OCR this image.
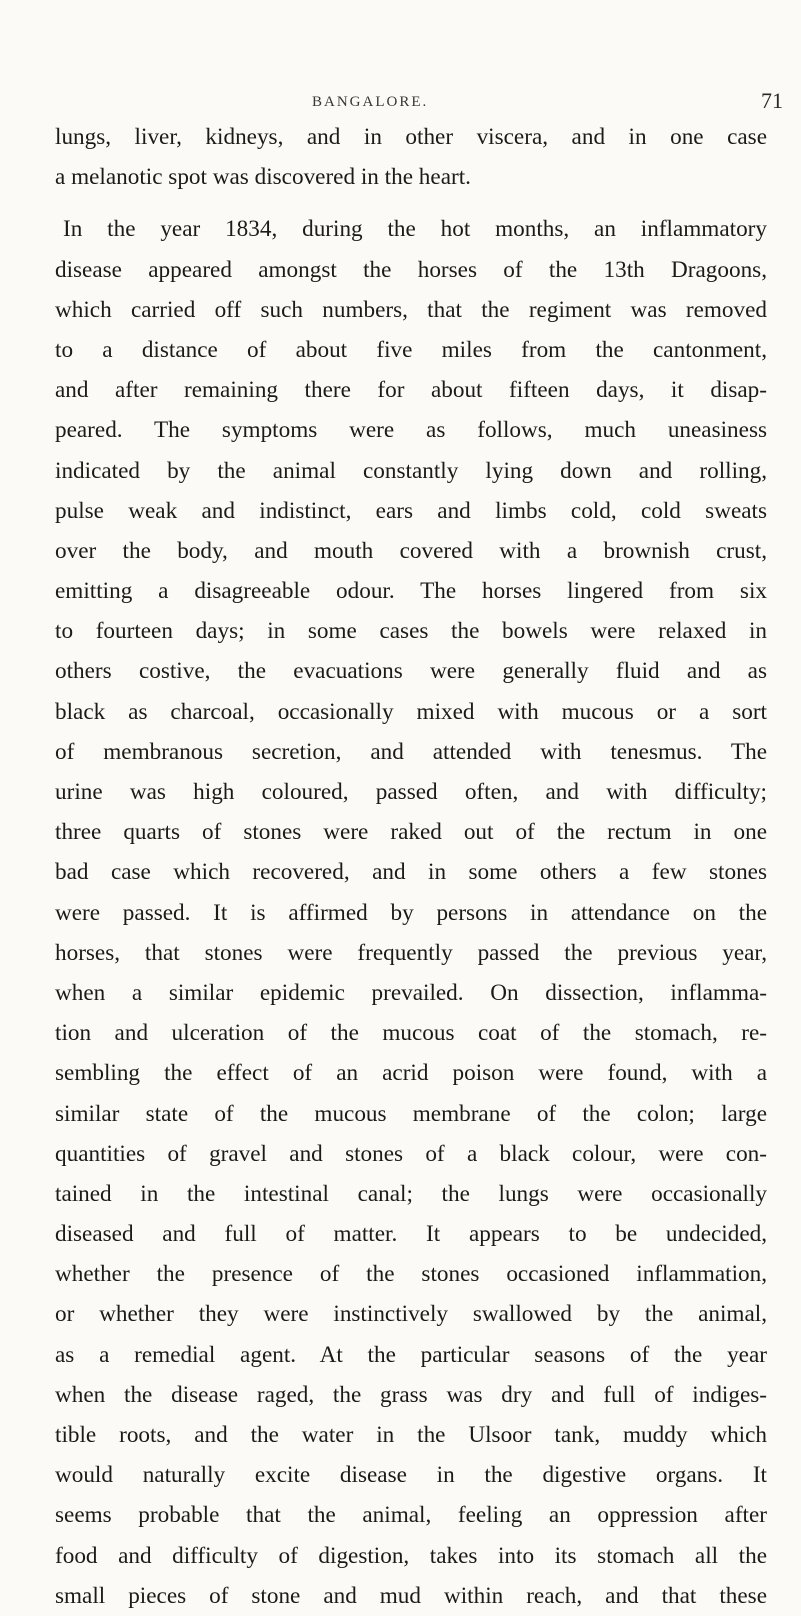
BANGALORE.	71
lungs, liver, kidneys, and in other viscera, and in one case
a melanotic spot was discovered in the heart.
In the year 1834, during the hot months, an inflammatory
disease appeared amongst the horses of the 13th Dragoons,
which carried off such numbers, that the regiment was removed
to a distance of about five miles from the cantonment,
and after remaining there for about fifteen days, it disap-
peared. The symptoms were as follows, much uneasiness
indicated by the animal constantly lying down and rolling,
pulse weak and indistinct, ears and limbs cold, cold sweats
over the body, and mouth covered with a brownish crust,
emitting a disagreeable odour. The horses lingered from six
to fourteen days; in some cases the bowels were relaxed in
others costive, the evacuations were generally fluid and as
black as charcoal, occasionally mixed with mucous or a sort
of membranous secretion, and attended with tenesmus. The
urine was high coloured, passed often, and with difficulty;
three quarts of stones were raked out of the rectum in one
bad case which recovered, and in some others a few stones
were passed. It is affirmed by persons in attendance on the
horses, that stones were frequently passed the previous year,
when a similar epidemic prevailed. On dissection, inflamma-
tion and ulceration of the mucous coat of the stomach, re-
sembling the effect of an acrid poison were found, with a
similar state of the mucous membrane of the colon; large
quantities of gravel and stones of a black colour, were con-
tained in the intestinal canal; the lungs were occasionally
diseased and full of matter. It appears to be undecided,
whether the presence of the stones occasioned inflammation,
or whether they were instinctively swallowed by the animal,
as a remedial agent. At the particular seasons of the year
when the disease raged, the grass was dry and full of indiges-
tible roots, and the water in the Ulsoor tank, muddy which
would naturally excite disease in the digestive organs. It
seems probable that the animal, feeling an oppression after
food and difficulty of digestion, takes into its stomach all the
small pieces of stone and mud within reach, and that these
